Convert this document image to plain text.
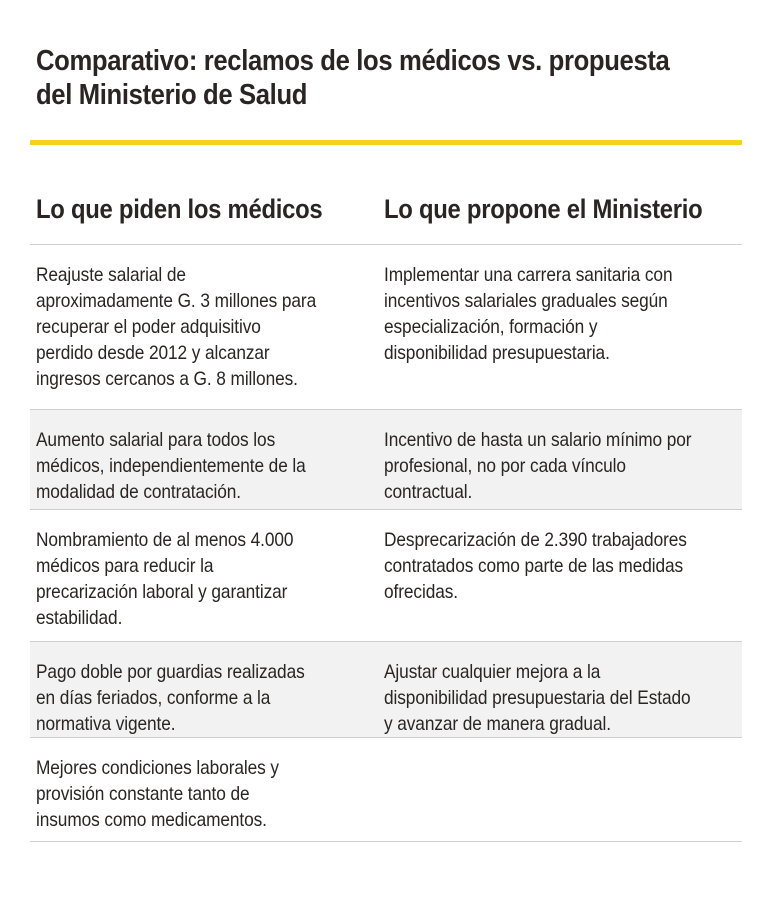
Comparativo: reclamos de los médicos vs. propuesta
del Ministerio de Salud
Lo que piden los médicos Lo que propone el Ministerio
Reajuste salarial de
aproximadamente G. 3 millones para
recuperar el poder adquisitivo
perdido desde 2012 y alcanzar
ingresos cercanos a G. 8 millones.
Implementar una carrera sanitaria con
incentivos salariales graduales según
especialización, formación y
disponibilidad presupuestaria.
Aumento salarial para todos los
médicos, independientemente de la
modalidad de contratación.
Incentivo de hasta un salario mínimo por
profesional, no por cada vínculo
contractual.
Nombramiento de al menos 4.000
médicos para reducir la
precarización laboral y garantizar
estabilidad.
Desprecarización de 2.390 trabajadores
contratados como parte de las medidas
ofrecidas.
Pago doble por guardias realizadas
en días feriados, conforme a la
normativa vigente.
Ajustar cualquier mejora a la
disponibilidad presupuestaria del Estado
y avanzar de manera gradual.
Mejores condiciones laborales y
provisión constante tanto de
insumos como medicamentos.
